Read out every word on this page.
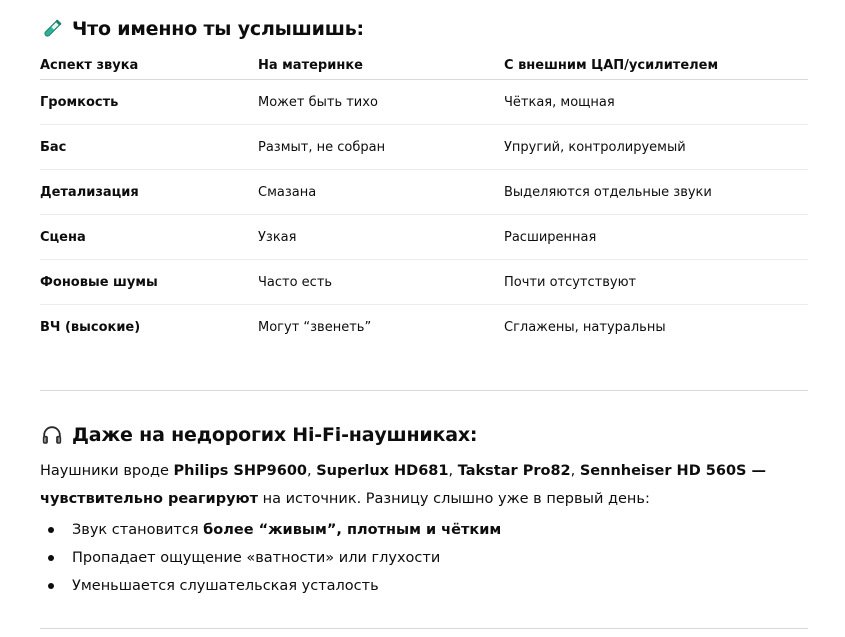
Что именно ты услышишь:
Аспект звука	На материнке	С внешним ЦАП/усилителем
Громкость	Может быть тихо	Чёткая, мощная
Бас	Размыт, не собран	Упругий, контролируемый
Детализация	Смазана	Выделяются отдельные звуки
Сцена	Узкая	Расширенная
Фоновые шумы	Часто есть	Почти отсутствуют
ВЧ (высокие)	Могут “звенеть”	Сглажены, натуральны
Даже на недорогих Hi-Fi-наушниках:

Наушники вроде Philips SHP9600, Superlux HD681, Takstar Pro82, Sennheiser HD 560S — чувствительно реагируют на источник. Разницу слышно уже в первый день:

Звук становится более “живым”, плотным и чётким
Пропадает ощущение «ватности» или глухости
Уменьшается слушательская усталость
